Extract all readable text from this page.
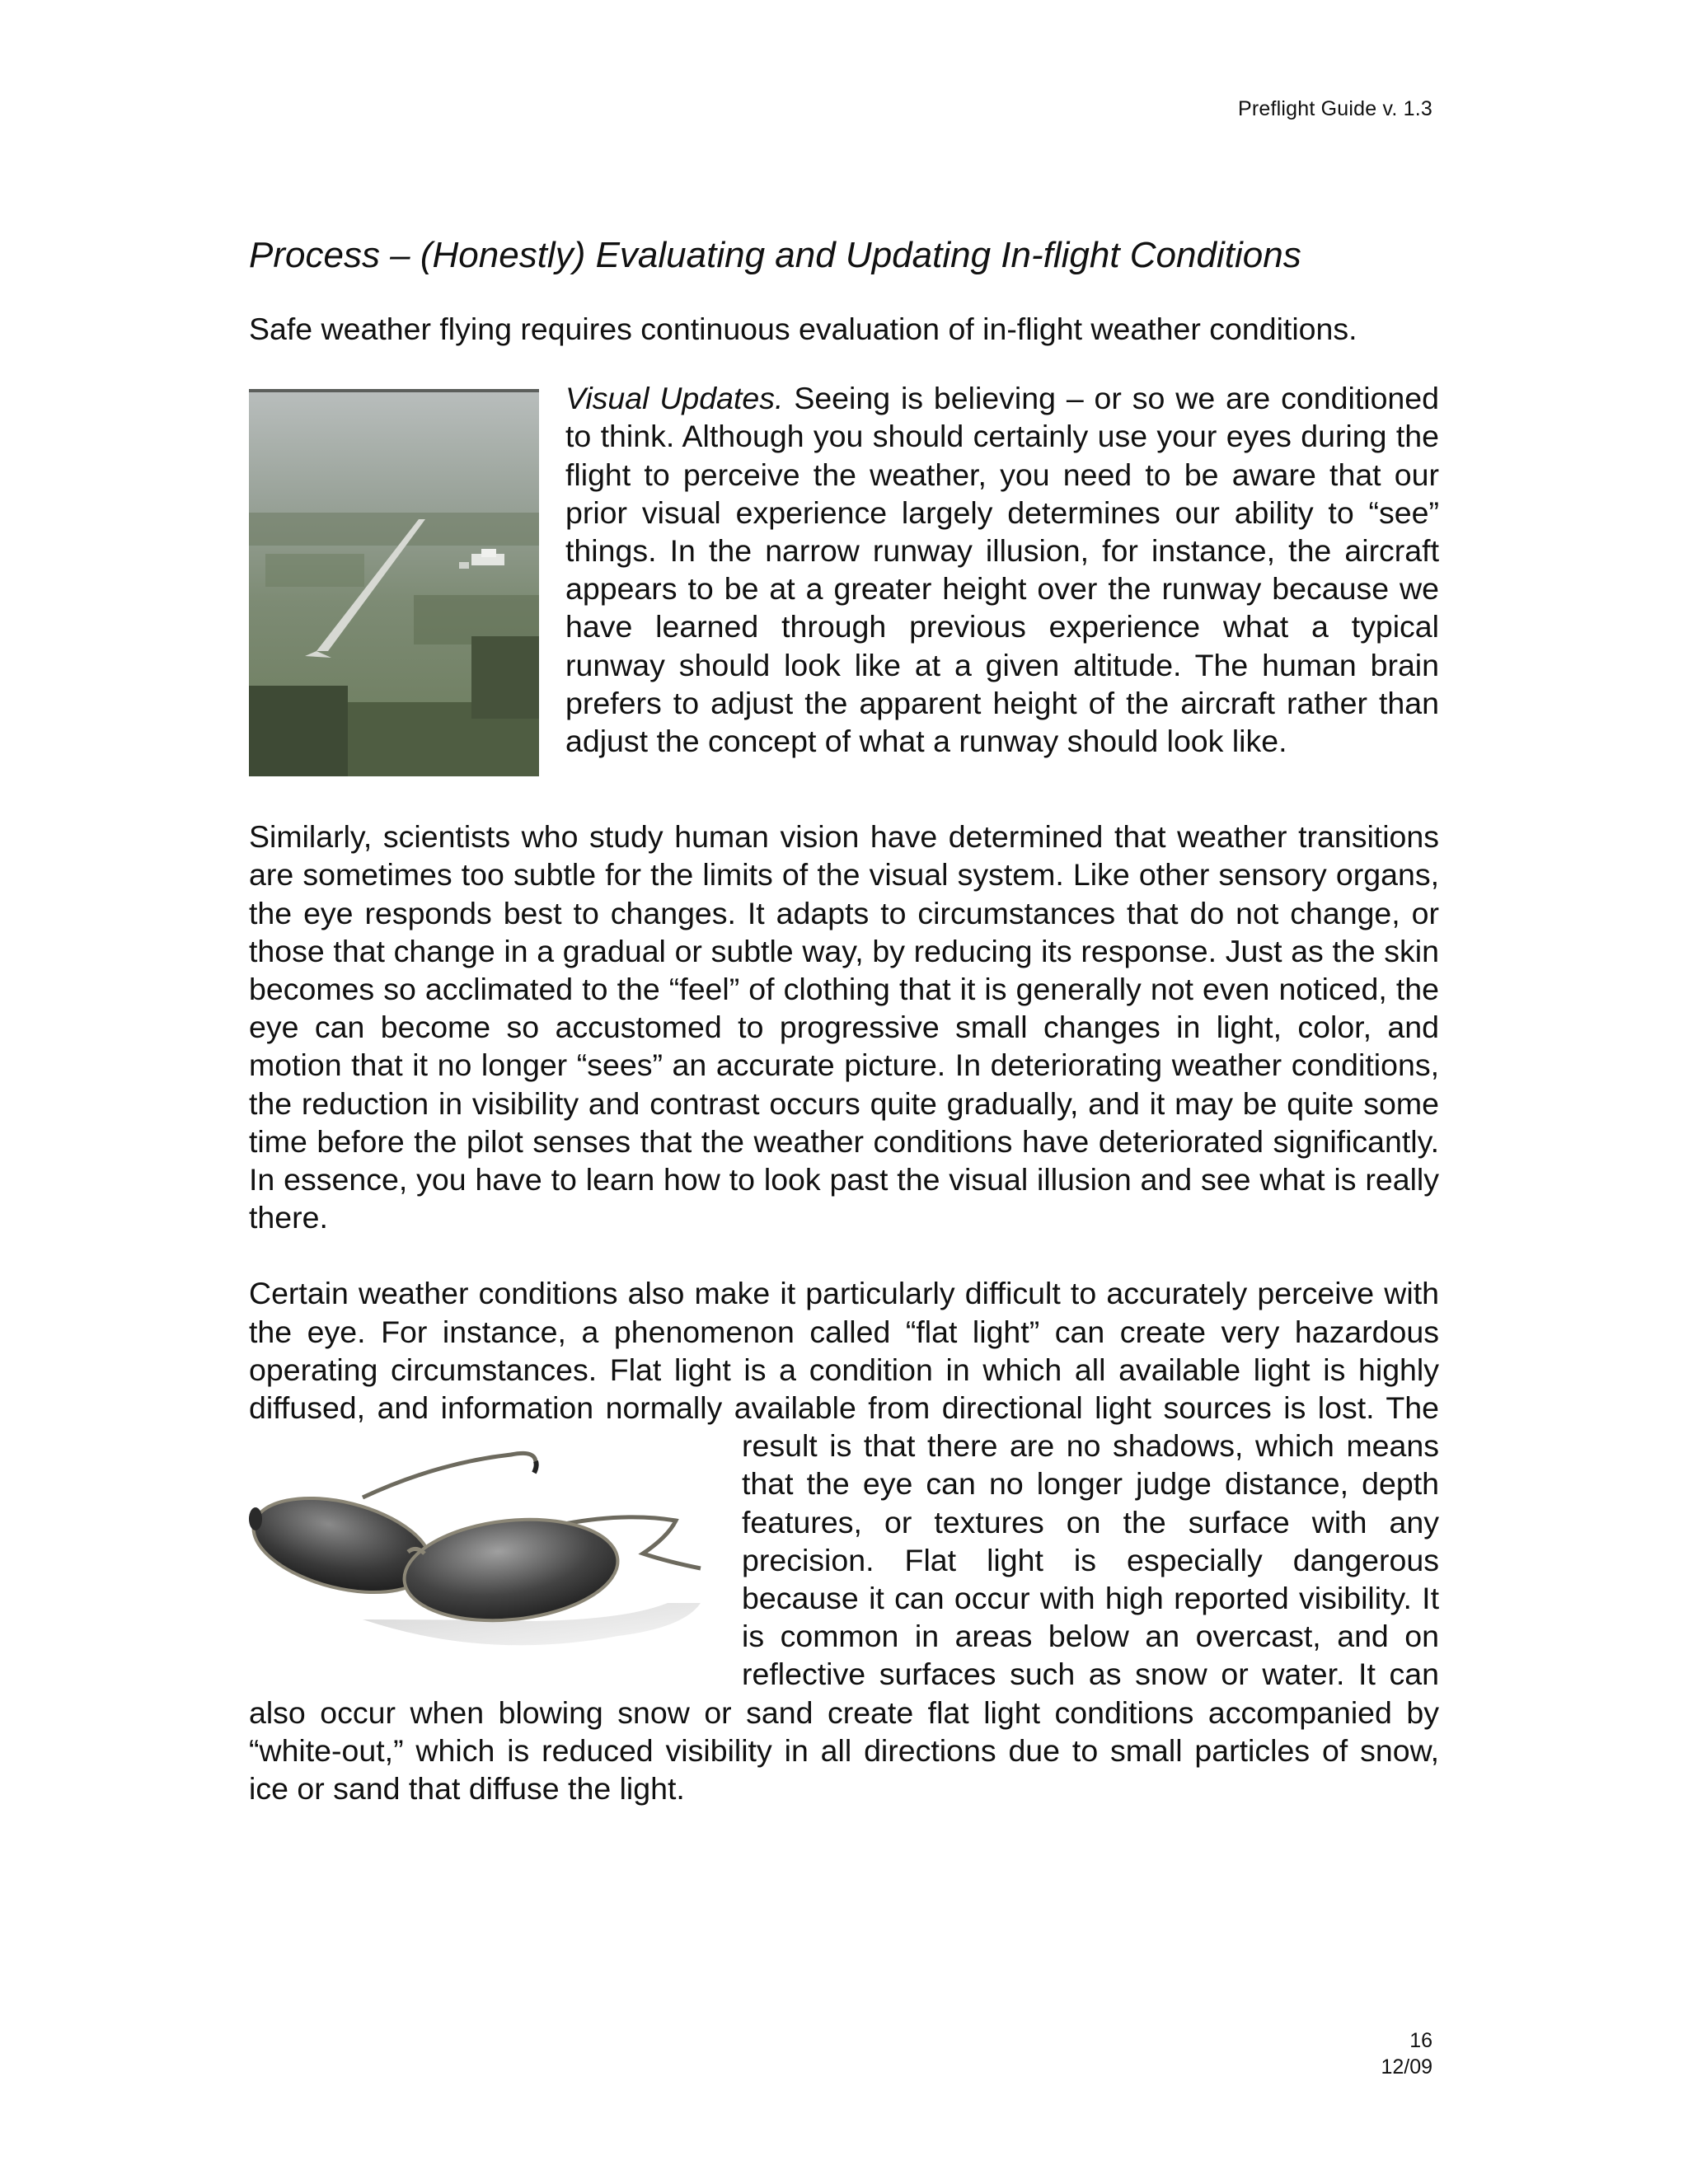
Preflight Guide v. 1.3
Process – (Honestly) Evaluating and Updating In-flight Conditions

Safe weather flying requires continuous evaluation of in-flight weather conditions.

Visual Updates. Seeing is believing – or so we are conditioned to think. Although you should certainly use your eyes during the flight to perceive the weather, you need to be aware that our prior visual experience largely determines our ability to “see” things. In the narrow runway illusion, for instance, the aircraft appears to be at a greater height over the runway because we have learned through previous experience what a typical runway should look like at a given altitude. The human brain prefers to adjust the apparent height of the aircraft rather than adjust the concept of what a runway should look like.

Similarly, scientists who study human vision have determined that weather transitions are sometimes too subtle for the limits of the visual system. Like other sensory organs, the eye responds best to changes. It adapts to circumstances that do not change, or those that change in a gradual or subtle way, by reducing its response. Just as the skin becomes so acclimated to the “feel” of clothing that it is generally not even noticed, the eye can become so accustomed to progressive small changes in light, color, and motion that it no longer “sees” an accurate picture. In deteriorating weather conditions, the reduction in visibility and contrast occurs quite gradually, and it may be quite some time before the pilot senses that the weather conditions have deteriorated significantly. In essence, you have to learn how to look past the visual illusion and see what is really there.

Certain weather conditions also make it particularly difficult to accurately perceive with the eye. For instance, a phenomenon called “flat light” can create very hazardous operating circumstances. Flat light is a condition in which all available light is highly diffused, and information normally available from directional light
sources is lost. The result is that there are no shadows, which means that the eye can no longer judge distance, depth features, or textures on the surface with any precision. Flat light is especially dangerous because it can occur with high reported visibility. It is common in areas below an overcast, and on reflective surfaces such as snow or water. It can also occur when blowing snow or sand create flat light conditions accompanied by “white-out,” which is reduced visibility in all directions due to small particles of snow, ice or sand that diffuse the light.

16
12/09
